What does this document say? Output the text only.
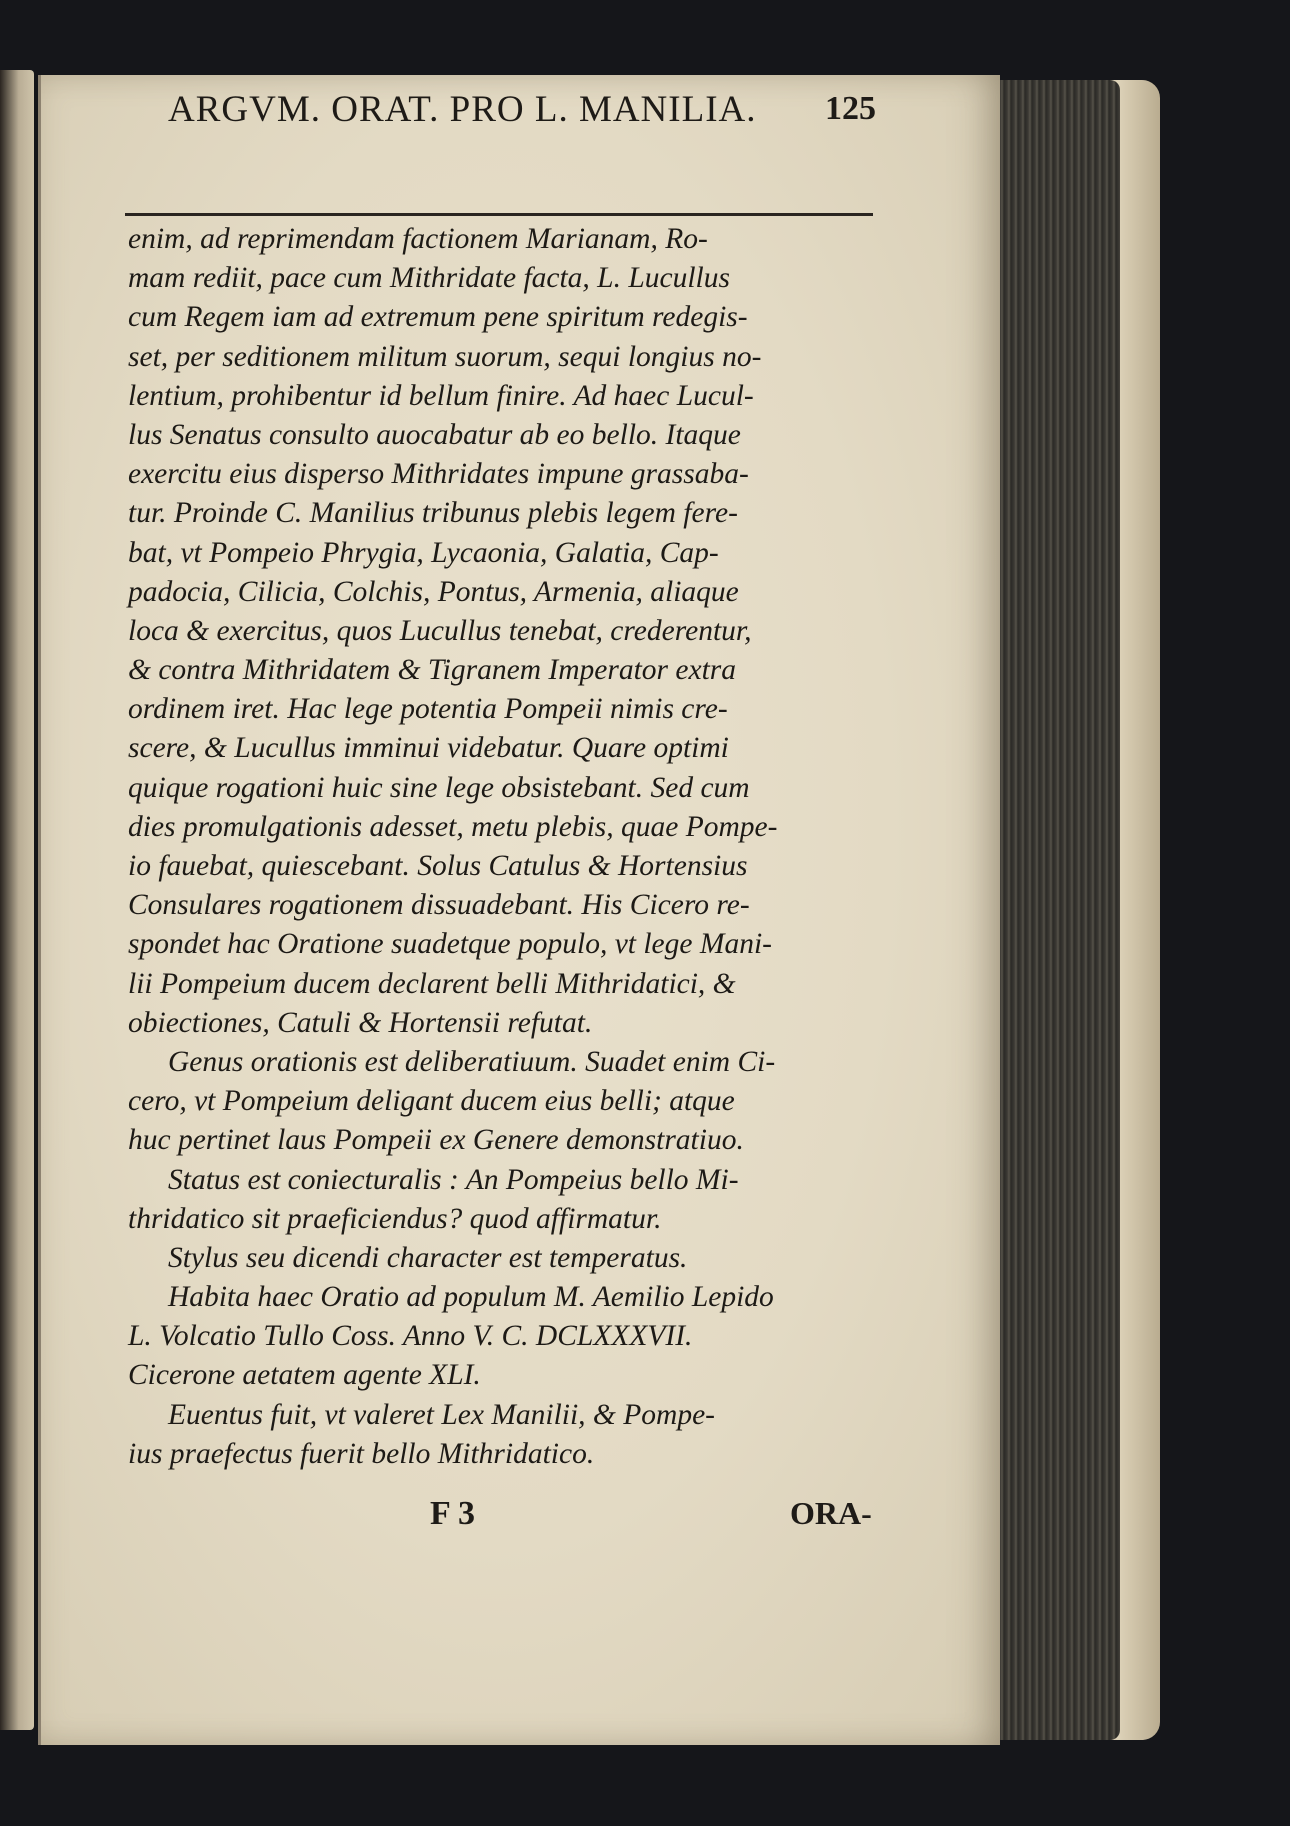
ARGVM. ORAT. PRO L. MANILIA. 125
enim, ad reprimendam factionem Marianam, Ro-
mam rediit, pace cum Mithridate facta, L. Lucullus
cum Regem iam ad extremum pene spiritum redegis-
set, per seditionem militum suorum, sequi longius no-
lentium, prohibentur id bellum finire. Ad haec Lucul-
lus Senatus consulto auocabatur ab eo bello. Itaque
exercitu eius disperso Mithridates impune grassaba-
tur. Proinde C. Manilius tribunus plebis legem fere-
bat, vt Pompeio Phrygia, Lycaonia, Galatia, Cap-
padocia, Cilicia, Colchis, Pontus, Armenia, aliaque
loca & exercitus, quos Lucullus tenebat, crederentur,
& contra Mithridatem & Tigranem Imperator extra
ordinem iret. Hac lege potentia Pompeii nimis cre-
scere, & Lucullus imminui videbatur. Quare optimi
quique rogationi huic sine lege obsistebant. Sed cum
dies promulgationis adesset, metu plebis, quae Pompe-
io fauebat, quiescebant. Solus Catulus & Hortensius
Consulares rogationem dissuadebant. His Cicero re-
spondet hac Oratione suadetque populo, vt lege Mani-
lii Pompeium ducem declarent belli Mithridatici, &
obiectiones, Catuli & Hortensii refutat.
Genus orationis est deliberatiuum. Suadet enim Ci-
cero, vt Pompeium deligant ducem eius belli; atque
huc pertinet laus Pompeii ex Genere demonstratiuo.
Status est coniecturalis : An Pompeius bello Mi-
thridatico sit praeficiendus? quod affirmatur.
Stylus seu dicendi character est temperatus.
Habita haec Oratio ad populum M. Aemilio Lepido
L. Volcatio Tullo Coss. Anno V. C. DCLXXXVII.
Cicerone aetatem agente XLI.
Euentus fuit, vt valeret Lex Manilii, & Pompe-
ius praefectus fuerit bello Mithridatico.
F 3	ORA-
